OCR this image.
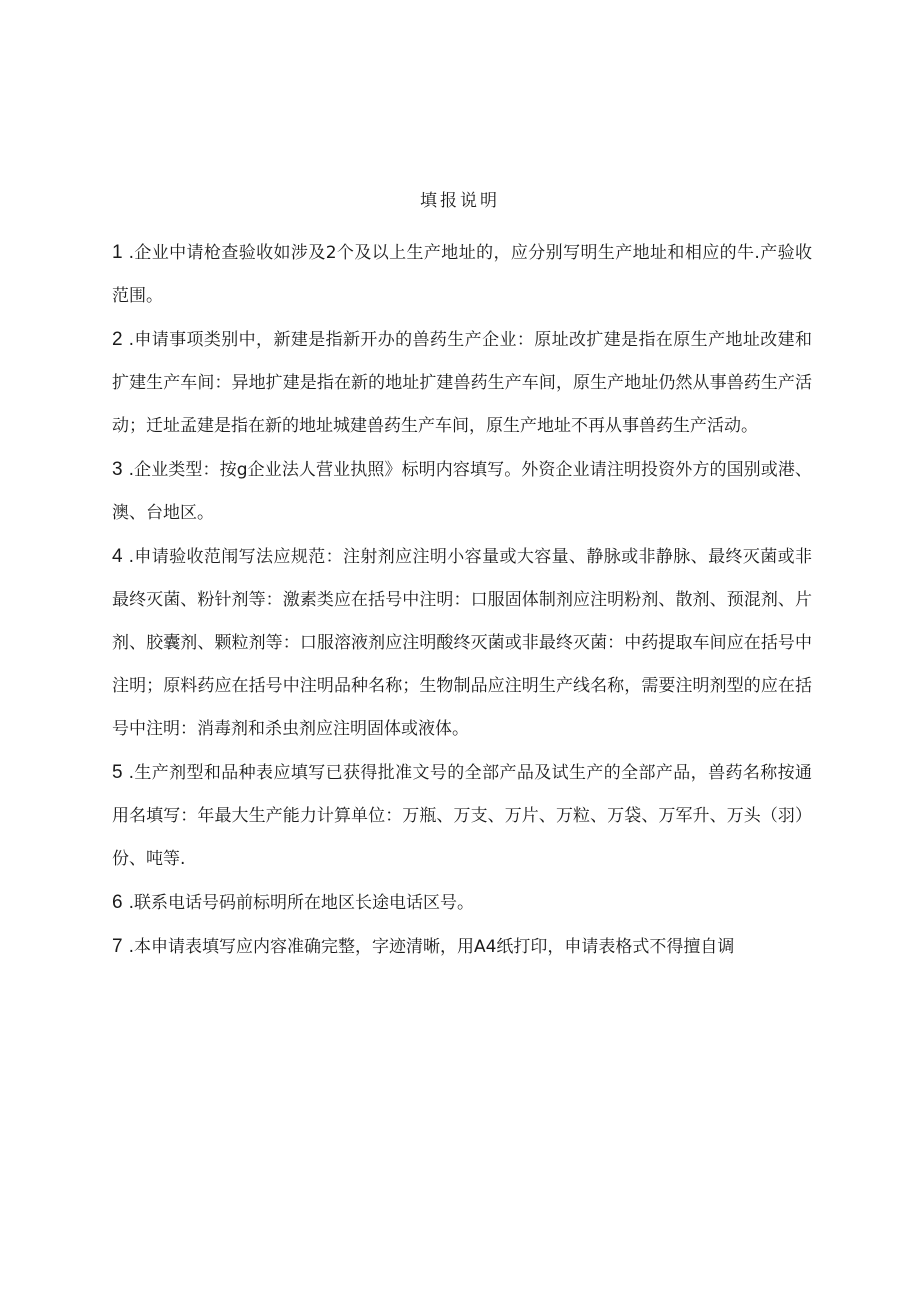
填报说明

1 .企业中请枪查验收如涉及2个及以上生产地址的，应分别写明生产地址和相应的牛.产验收范围。

2 .申请事项类别中，新建是指新开办的兽药生产企业：原址改扩建是指在原生产地址改建和扩建生产车间：异地扩建是指在新的地址扩建兽药生产车间，原生产地址仍然从事兽药生产活动；迁址孟建是指在新的地址城建兽药生产车间，原生产地址不再从事兽药生产活动。

3 .企业类型：按g企业法人营业执照》标明内容填写。外资企业请注明投资外方的国别或港、澳、台地区。

4 .申请验收范闱写法应规范：注射剂应注明小容量或大容量、静脉或非静脉、最终灭菌或非最终灭菌、粉针剂等：激素类应在括号中注明：口服固体制剂应注明粉剂、散剂、预混剂、片剂、胶囊剂、颗粒剂等：口服溶液剂应注明酸终灭菌或非最终灭菌：中药提取车间应在括号中注明；原料药应在括号中注明品种名称；生物制品应注明生产线名称，需要注明剂型的应在括号中注明：消毒剂和杀虫剂应注明固体或液体。

5 .生产剂型和品种表应填写已获得批准文号的全部产品及试生产的全部产品，兽药名称按通用名填写：年最大生产能力计算单位：万瓶、万支、万片、万粒、万袋、万军升、万头（羽）份、吨等.

6 .联系电话号码前标明所在地区长途电话区号。

7 .本申请表填写应内容准确完整，字迹清晰，用A4纸打印，申请表格式不得擅自调
